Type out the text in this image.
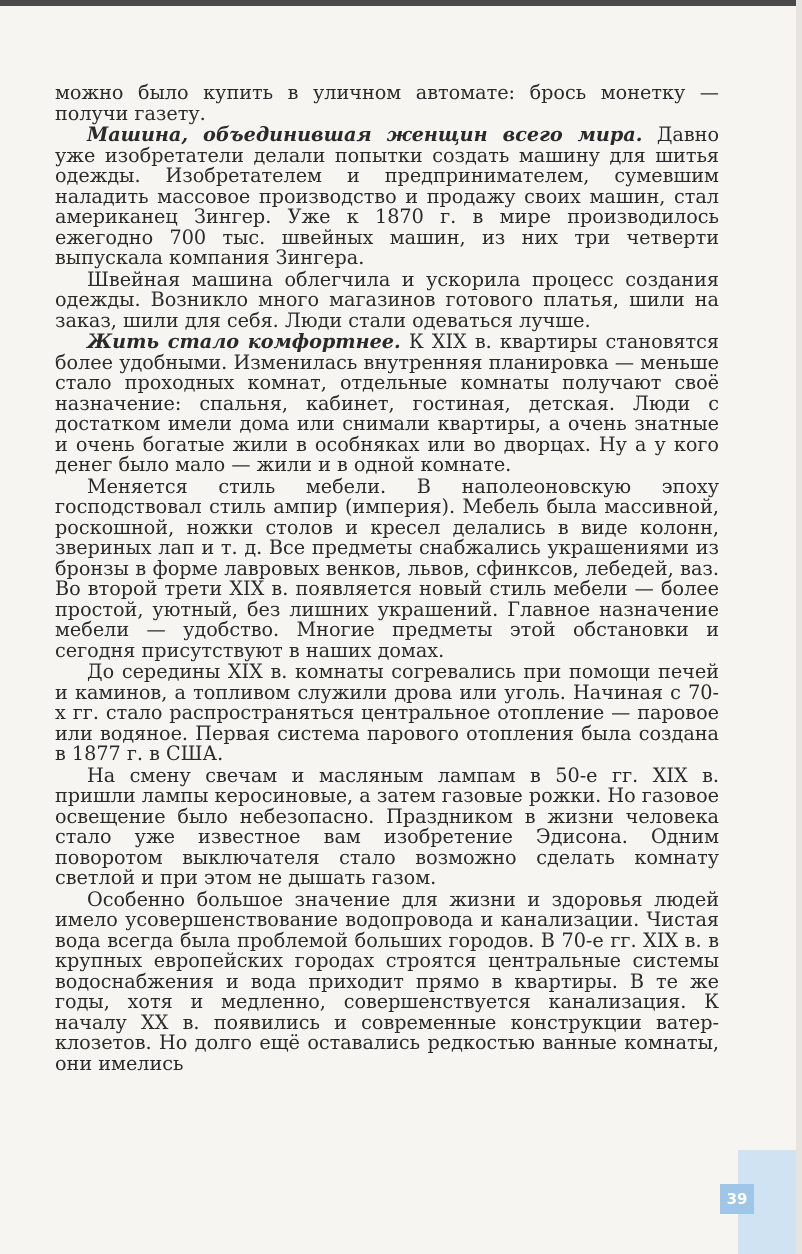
можно было купить в уличном автомате: брось монетку — получи газету.

Машина, объединившая женщин всего мира. Давно уже изобретатели делали попытки создать машину для шитья одежды. Изобретателем и предпринимателем, сумевшим наладить массовое производство и продажу своих машин, стал американец Зингер. Уже к 1870 г. в мире производилось ежегодно 700 тыс. швейных машин, из них три четверти выпускала компания Зингера.

Швейная машина облегчила и ускорила процесс создания одежды. Возникло много магазинов готового платья, шили на заказ, шили для себя. Люди стали одеваться лучше.

Жить стало комфортнее. К XIX в. квартиры становятся более удобными. Изменилась внутренняя планировка — меньше стало проходных комнат, отдельные комнаты получают своё назначение: спальня, кабинет, гостиная, детская. Люди с достатком имели дома или снимали квартиры, а очень знатные и очень богатые жили в особняках или во дворцах. Ну а у кого денег было мало — жили и в одной комнате.

Меняется стиль мебели. В наполеоновскую эпоху господствовал стиль ампир (империя). Мебель была массивной, роскошной, ножки столов и кресел делались в виде колонн, звериных лап и т. д. Все предметы снабжались украшениями из бронзы в форме лавровых венков, львов, сфинксов, лебедей, ваз. Во второй трети XIX в. появляется новый стиль мебели — более простой, уютный, без лишних украшений. Главное назначение мебели — удобство. Многие предметы этой обстановки и сегодня присутствуют в наших домах.

До середины XIX в. комнаты согревались при помощи печей и каминов, а топливом служили дрова или уголь. Начиная с 70-х гг. стало распространяться центральное отопление — паровое или водяное. Первая система парового отопления была создана в 1877 г. в США.

На смену свечам и масляным лампам в 50-е гг. XIX в. пришли лампы керосиновые, а затем газовые рожки. Но газовое освещение было небезопасно. Праздником в жизни человека стало уже известное вам изобретение Эдисона. Одним поворотом выключателя стало возможно сделать комнату светлой и при этом не дышать газом.

Особенно большое значение для жизни и здоровья людей имело усовершенствование водопровода и канализации. Чистая вода всегда была проблемой больших городов. В 70-е гг. XIX в. в крупных европейских городах строятся центральные системы водоснабжения и вода приходит прямо в квартиры. В те же годы, хотя и медленно, совершенствуется канализация. К началу XX в. появились и современные конструкции ватер-клозетов. Но долго ещё оставались редкостью ванные комнаты, они имелись

39
